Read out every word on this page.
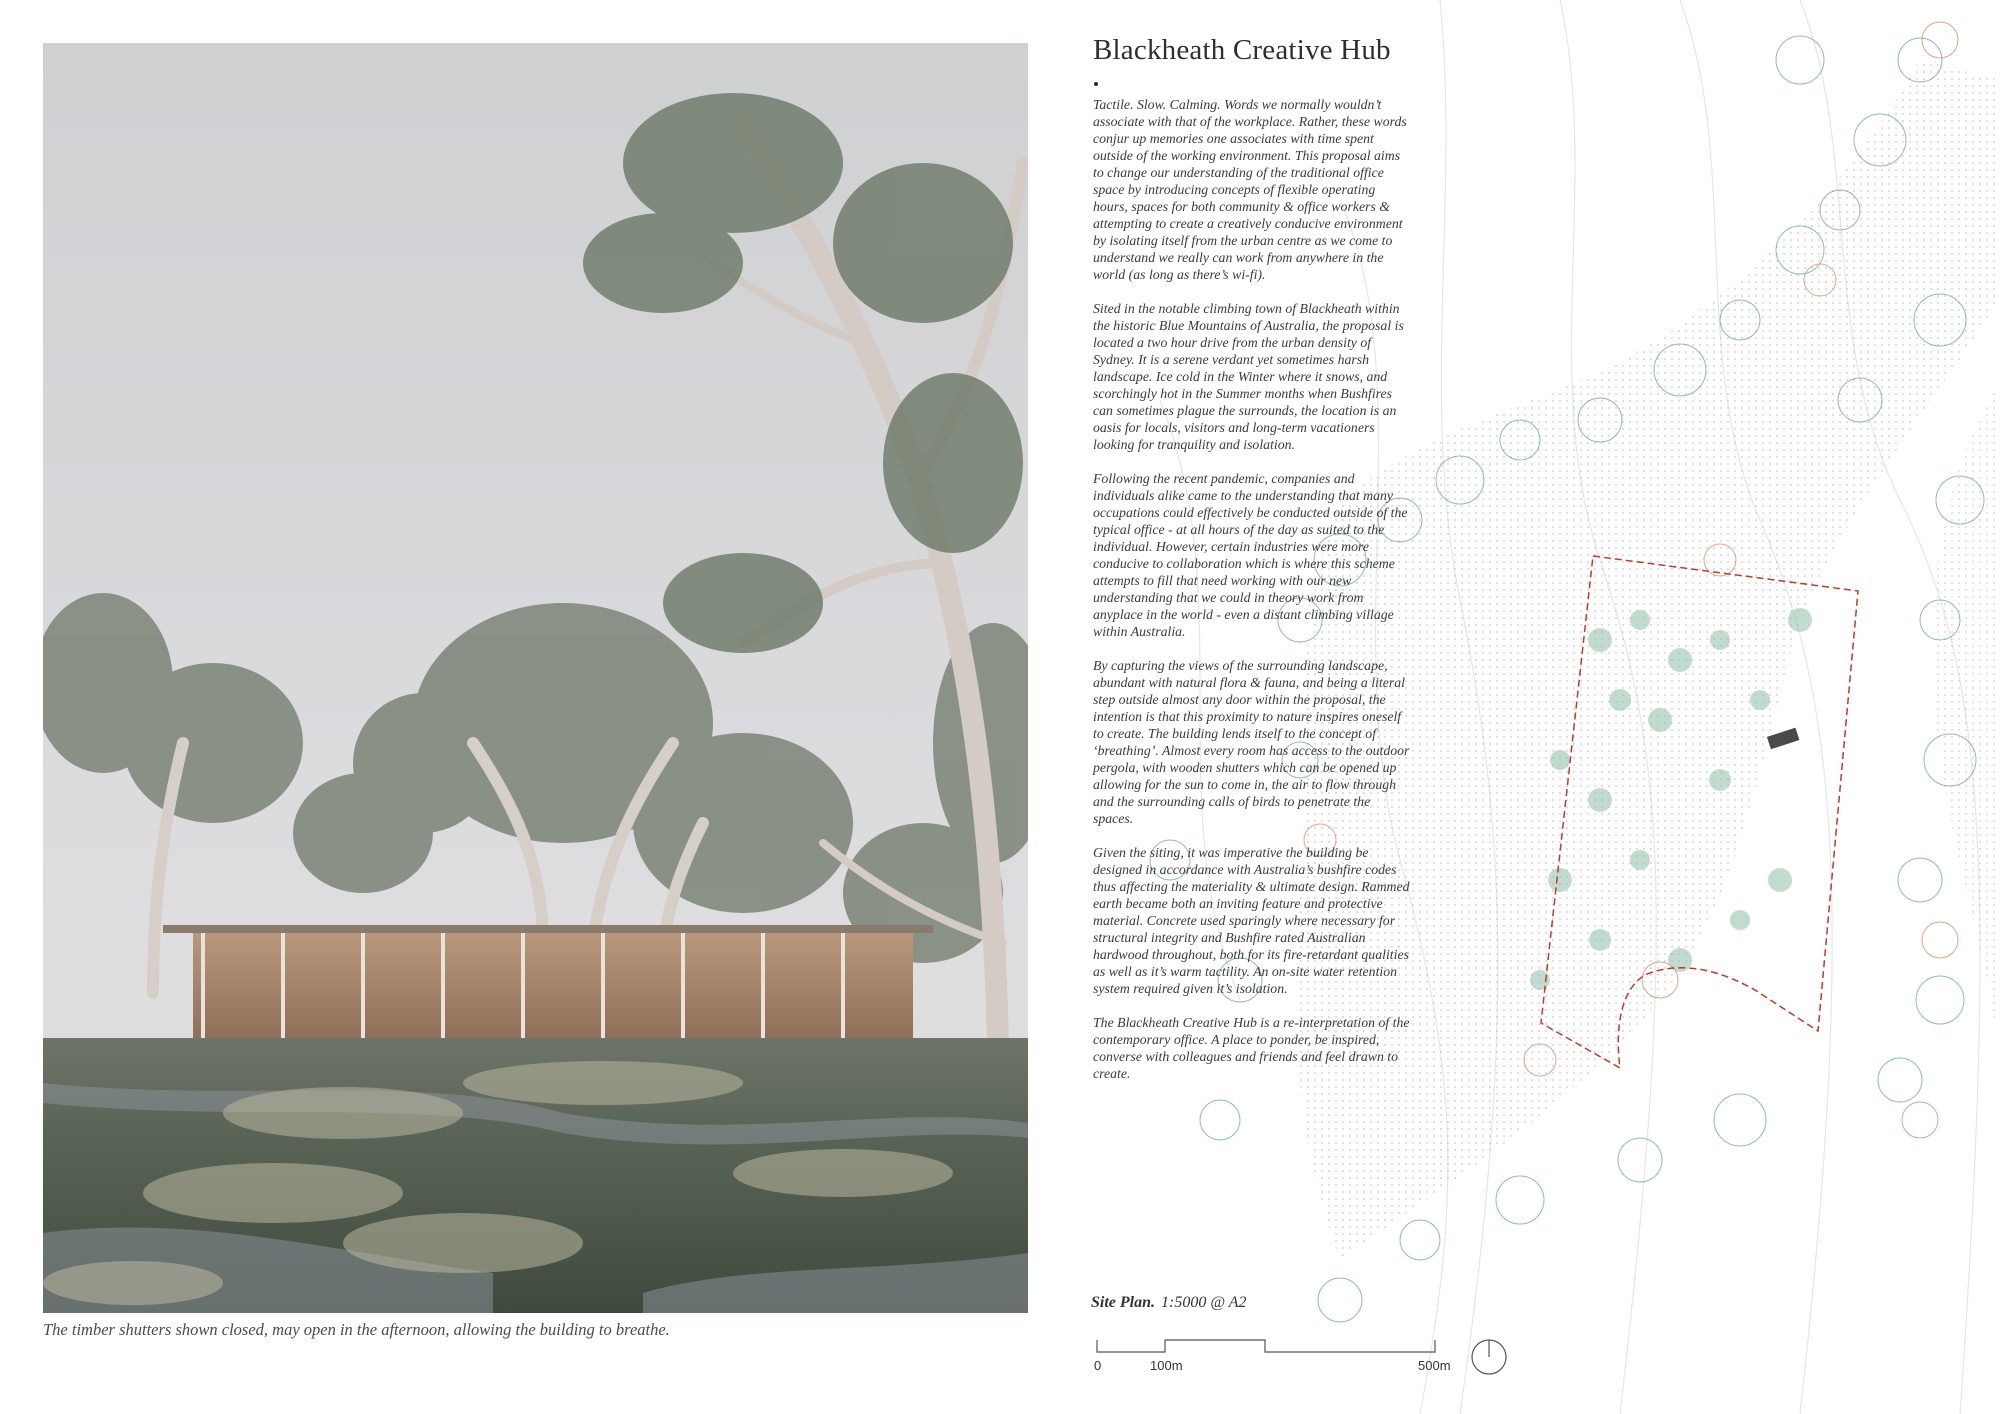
The timber shutters shown closed, may open in the afternoon, allowing the building to breathe.
Blackheath Creative Hub

Tactile. Slow. Calming. Words we normally wouldn’t associate with that of the workplace. Rather, these words conjur up memories one associates with time spent outside of the working environment. This proposal aims to change our understanding of the traditional office space by introducing concepts of flexible operating hours, spaces for both community & office workers & attempting to create a creatively conducive environment by isolating itself from the urban centre as we come to understand we really can work from anywhere in the world (as long as there’s wi-fi).

Sited in the notable climbing town of Blackheath within the historic Blue Mountains of Australia, the proposal is located a two hour drive from the urban density of Sydney. It is a serene verdant yet sometimes harsh landscape. Ice cold in the Winter where it snows, and scorchingly hot in the Summer months when Bushfires can sometimes plague the surrounds, the location is an oasis for locals, visitors and long-term vacationers looking for tranquility and isolation.

Following the recent pandemic, companies and individuals alike came to the understanding that many occupations could effectively be conducted outside of the typical office - at all hours of the day as suited to the individual. However, certain industries were more conducive to collaboration which is where this scheme attempts to fill that need working with our new understanding that we could in theory work from anyplace in the world - even a distant climbing village within Australia.

By capturing the views of the surrounding landscape, abundant with natural flora & fauna, and being a literal step outside almost any door within the proposal, the intention is that this proximity to nature inspires oneself to create. The building lends itself to the concept of ‘breathing’. Almost every room has access to the outdoor pergola, with wooden shutters which can be opened up allowing for the sun to come in, the air to flow through and the surrounding calls of birds to penetrate the spaces.

Given the siting, it was imperative the building be designed in accordance with Australia’s bushfire codes thus affecting the materiality & ultimate design. Rammed earth became both an inviting feature and protective material. Concrete used sparingly where necessary for structural integrity and Bushfire rated Australian hardwood throughout, both for its fire-retardant qualities as well as it’s warm tactility. An on-site water retention system required given it’s isolation.

The Blackheath Creative Hub is a re-interpretation of the contemporary office. A place to ponder, be inspired, converse with colleagues and friends and feel drawn to create.

Site Plan. 1:5000 @ A2
0	100m	500m
